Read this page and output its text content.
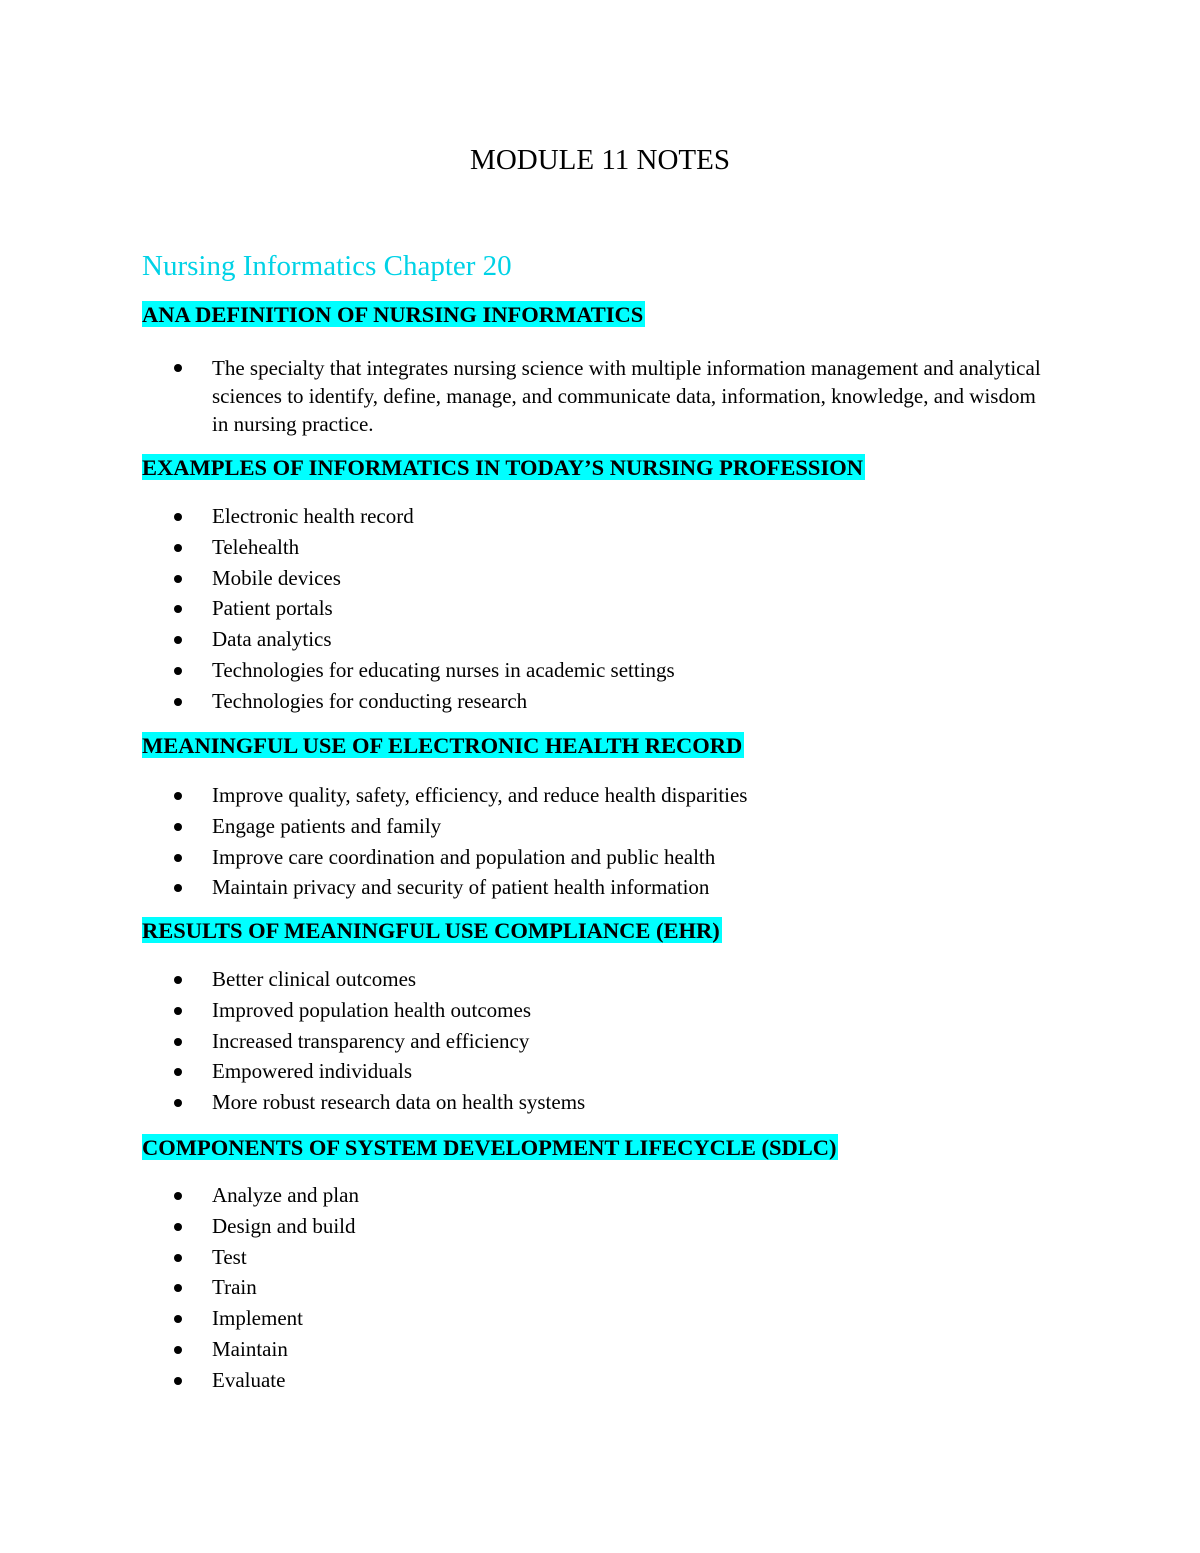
MODULE 11 NOTES
Nursing Informatics Chapter 20
ANA DEFINITION OF NURSING INFORMATICS
The specialty that integrates nursing science with multiple information management and analytical sciences to identify, define, manage, and communicate data, information, knowledge, and wisdom in nursing practice.
EXAMPLES OF INFORMATICS IN TODAY’S NURSING PROFESSION
Electronic health record
Telehealth
Mobile devices
Patient portals
Data analytics
Technologies for educating nurses in academic settings
Technologies for conducting research
MEANINGFUL USE OF ELECTRONIC HEALTH RECORD
Improve quality, safety, efficiency, and reduce health disparities
Engage patients and family
Improve care coordination and population and public health
Maintain privacy and security of patient health information
RESULTS OF MEANINGFUL USE COMPLIANCE (EHR)
Better clinical outcomes
Improved population health outcomes
Increased transparency and efficiency
Empowered individuals
More robust research data on health systems
COMPONENTS OF SYSTEM DEVELOPMENT LIFECYCLE (SDLC)
Analyze and plan
Design and build
Test
Train
Implement
Maintain
Evaluate
